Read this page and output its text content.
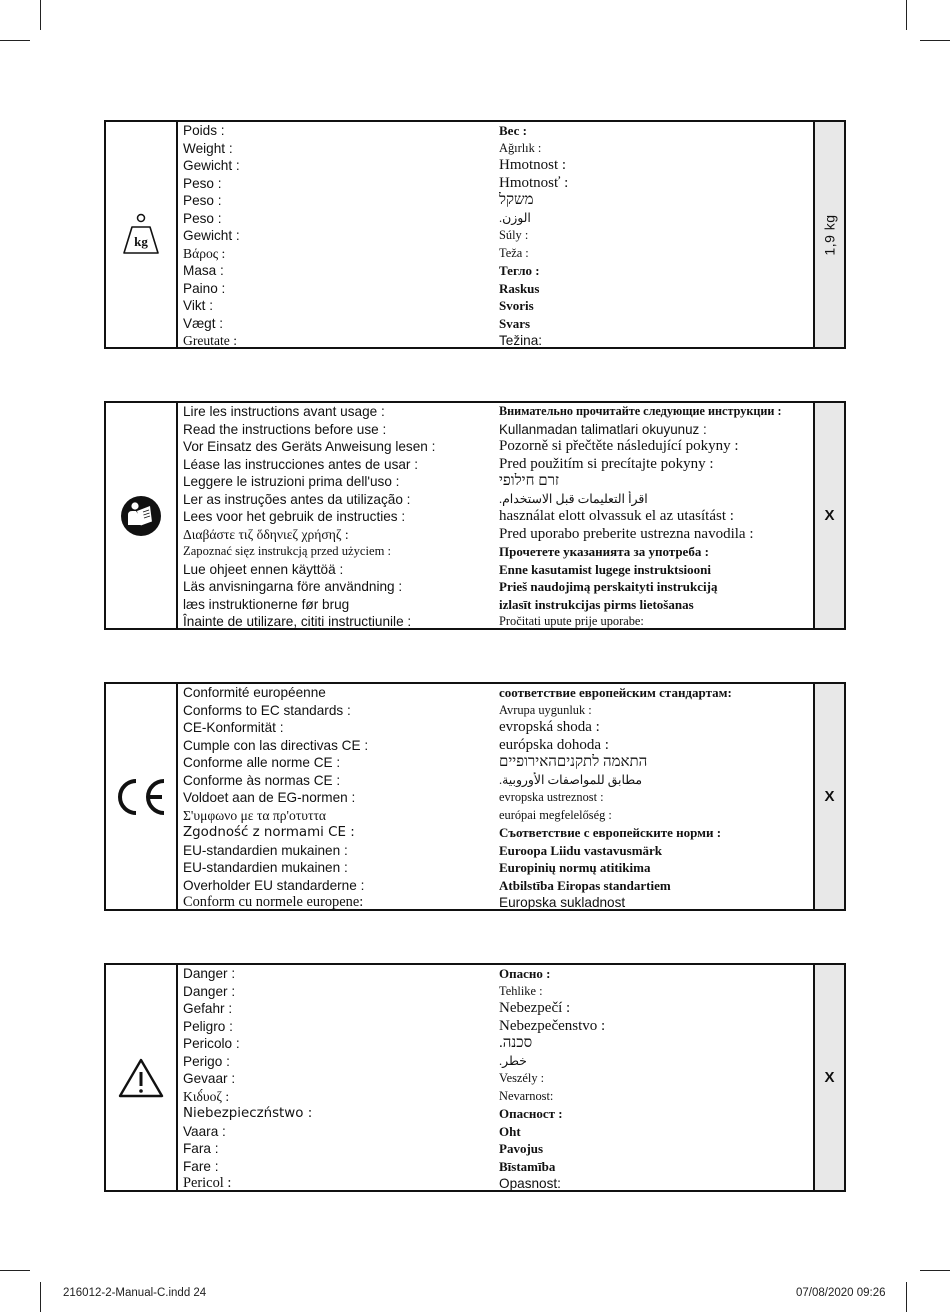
kg
Poids :
Weight :
Gewicht :
Peso :
Peso :
Peso :
Gewicht :
Βάρος :
Masa :
Paino :
Vikt :
Vægt :
Greutate :
Вес :
Ağırlık :
Hmotnost :
Hmotnosť :
משקל
.الوزن
Súly :
Teža :
Тегло :
Raskus
Svoris
Svars
Težina:
1,9 kg
Lire les instructions avant usage :
Read the instructions before use :
Vor Einsatz des Geräts Anweisung lesen :
Léase las instrucciones antes de usar :
Leggere le istruzioni prima dell'uso :
Ler as instruções antes da utilização :
Lees voor het gebruik de instructies :
Διαβάστε τιζ ὅδηνιεζ χρήσηζ :
Zapoznać sięz instrukcją przed użyciem :
Lue ohjeet ennen käyttöä :
Läs anvisningarna före användning :
læs instruktionerne før brug
Înainte de utilizare, cititi instructiunile :
Внимательно прочитайте следующие инструкции :
Kullanmadan talimatlari okuyunuz :
Pozorně si přečtěte následující pokyny :
Pred použitím si precítajte pokyny :
זרם חילופי
.اقرأ التعليمات قبل الاستخدام
használat elott olvassuk el az utasítást :
Pred uporabo preberite ustrezna navodila :
Прочетете указанията за употреба :
Enne kasutamist lugege instruktsiooni
Prieš naudojimą perskaityti instrukciją
izlasīt instrukcijas pirms lietošanas
Pročitati upute prije uporabe:
X
Conformité européenne
Conforms to EC standards :
CE-Konformität :
Cumple con las directivas CE :
Conforme alle norme CE :
Conforme às normas CE :
Voldoet aan de EG-normen :
Σ'υμφωνο με τα πρ'οτυττα
Zgodność z normami CE :
EU-standardien mukainen :
EU-standardien mukainen :
Overholder EU standarderne :
Conform cu normele europene:
соответствие европейским стандартам:
Avrupa uygunluk :
evropská shoda :
európska dohoda :
התאמה לתקניםהאירופיים
.مطابق للمواصفات الأوروبية
evropska ustreznost :
európai megfelelőség :
Съответствие с европейските норми :
Euroopa Liidu vastavusmärk
Europinių normų atitikima
Atbilstība Eiropas standartiem
Europska sukladnost
X
Danger :
Danger :
Gefahr :
Peligro :
Pericolo :
Perigo :
Gevaar :
Κιδ́υοζ :
Niebezpieczństwo :
Vaara :
Fara :
Fare :
Pericol :
Опасно :
Tehlike :
Nebezpečí :
Nebezpečenstvo :
.סכנה
.خطر
Veszély :
Nevarnost:
Опасност :
Oht
Pavojus
Bīstamība
Opasnost:
X
216012-2-Manual-C.indd 24	07/08/2020 09:26
